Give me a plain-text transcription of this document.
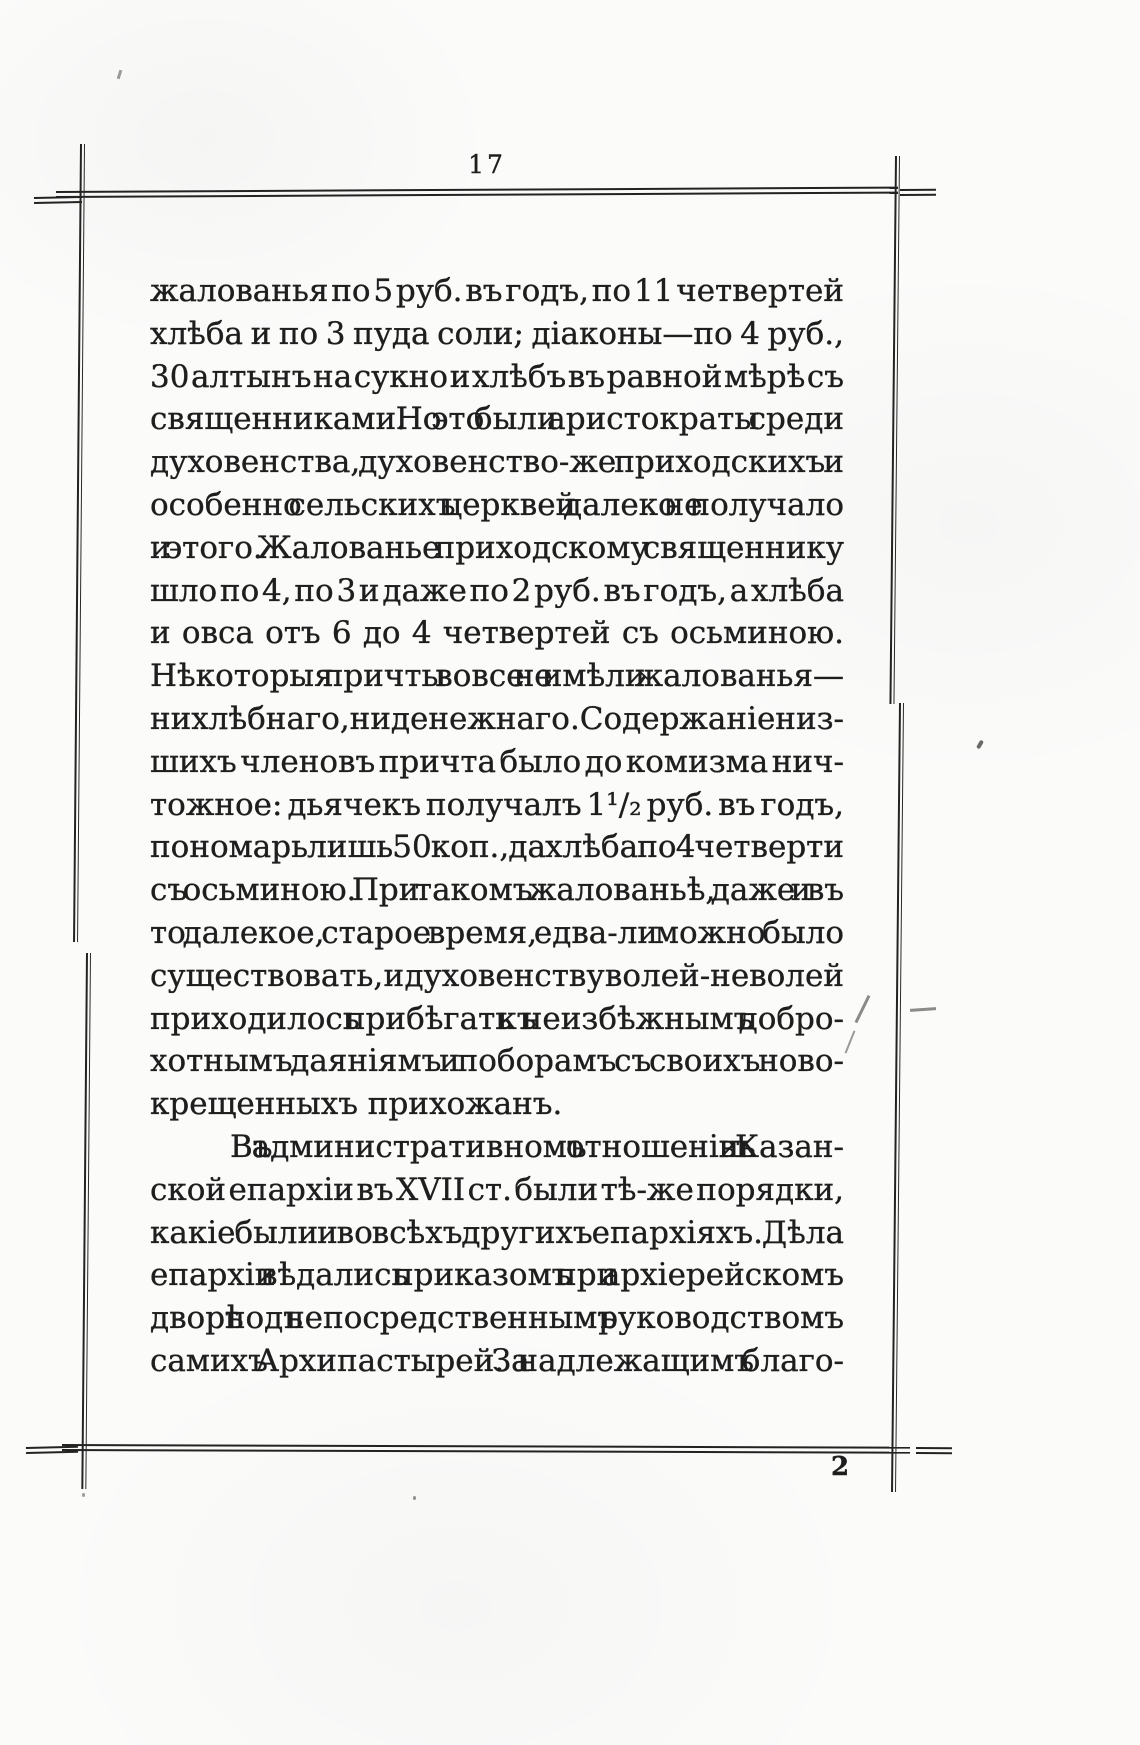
17
жалованья по 5 руб. въ годъ, по 11 четвертей
хлѣба и по 3 пуда соли; діаконы—по 4 руб.,
30 алтынъ на сукно и хлѣбъ въ равной мѣрѣ съ
священниками. Но это были аристократы среди
духовенства, духовенство-же приходскихъ и
особенно сельскихъ церквей далеко не получало
и этого. Жалованье приходскому священнику
шло по 4, по 3 и даже по 2 руб. въ годъ, а хлѣба
и овса отъ 6 до 4 четвертей съ осьминою.
Нѣкоторыя причты вовсе не имѣли жалованья—
ни хлѣбнаго, ни денежнаго. Содержаніе низ-
шихъ членовъ причта было до комизма нич-
тожное: дьячекъ получалъ 1¹/₂ руб. въ годъ,
пономарь лишь 50 коп., да хлѣба по 4 четверти
съ осьминою. При такомъ жалованьѣ, даже и въ
то далекое, старое время, едва-ли можно было
существовать, и духовенству волей-неволей
приходилось прибѣгать къ неизбѣжнымъ добро-
хотнымъ даяніямъ и поборамъ съ своихъ ново-
крещенныхъ прихожанъ.
Въ административномъ отношеніи въ Казан-
ской епархіи въ XVII ст. были тѣ-же порядки,
какіе были и во всѣхъ другихъ епархіяхъ. Дѣла
епархіи вѣдались приказомъ при архіерейскомъ
дворѣ подъ непосредственнымъ руководствомъ
самихъ Архипастырей. За надлежащимъ благо-
2
